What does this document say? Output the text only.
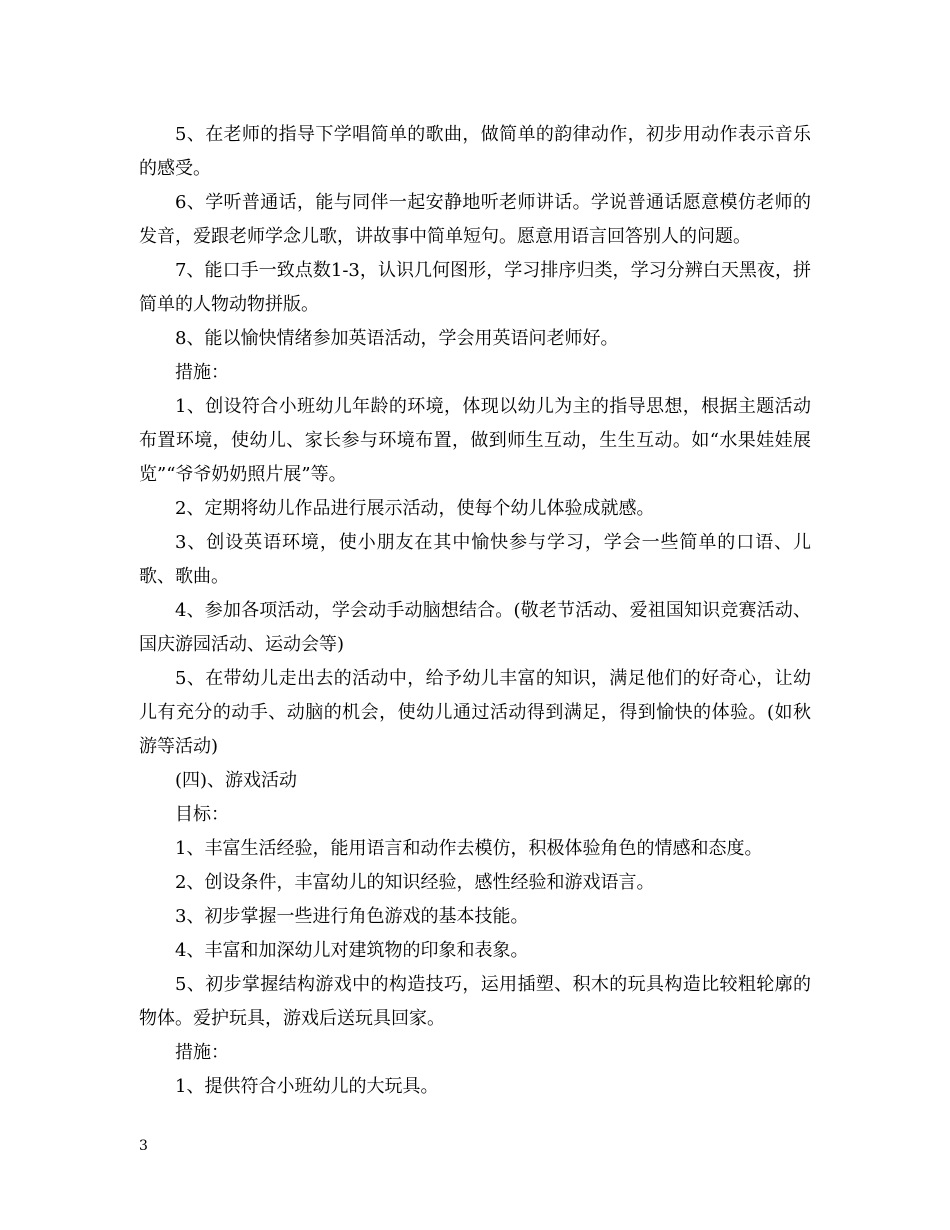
5、在老师的指导下学唱简单的歌曲，做简单的韵律动作，初步用动作表示音乐的感受。

6、学听普通话，能与同伴一起安静地听老师讲话。学说普通话愿意模仿老师的发音，爱跟老师学念儿歌，讲故事中简单短句。愿意用语言回答别人的问题。

7、能口手一致点数1-3，认识几何图形，学习排序归类，学习分辨白天黑夜，拼简单的人物动物拼版。

8、能以愉快情绪参加英语活动，学会用英语问老师好。

措施：

1、创设符合小班幼儿年龄的环境，体现以幼儿为主的指导思想，根据主题活动布置环境，使幼儿、家长参与环境布置，做到师生互动，生生互动。如“水果娃娃展览”“爷爷奶奶照片展”等。

2、定期将幼儿作品进行展示活动，使每个幼儿体验成就感。

3、创设英语环境，使小朋友在其中愉快参与学习，学会一些简单的口语、儿歌、歌曲。

4、参加各项活动，学会动手动脑想结合。(敬老节活动、爱祖国知识竞赛活动、国庆游园活动、运动会等)

5、在带幼儿走出去的活动中，给予幼儿丰富的知识，满足他们的好奇心，让幼儿有充分的动手、动脑的机会，使幼儿通过活动得到满足，得到愉快的体验。(如秋游等活动)

(四)、游戏活动

目标：

1、丰富生活经验，能用语言和动作去模仿，积极体验角色的情感和态度。

2、创设条件，丰富幼儿的知识经验，感性经验和游戏语言。

3、初步掌握一些进行角色游戏的基本技能。

4、丰富和加深幼儿对建筑物的印象和表象。

5、初步掌握结构游戏中的构造技巧，运用插塑、积木的玩具构造比较粗轮廓的物体。爱护玩具，游戏后送玩具回家。

措施：

1、提供符合小班幼儿的大玩具。

3
